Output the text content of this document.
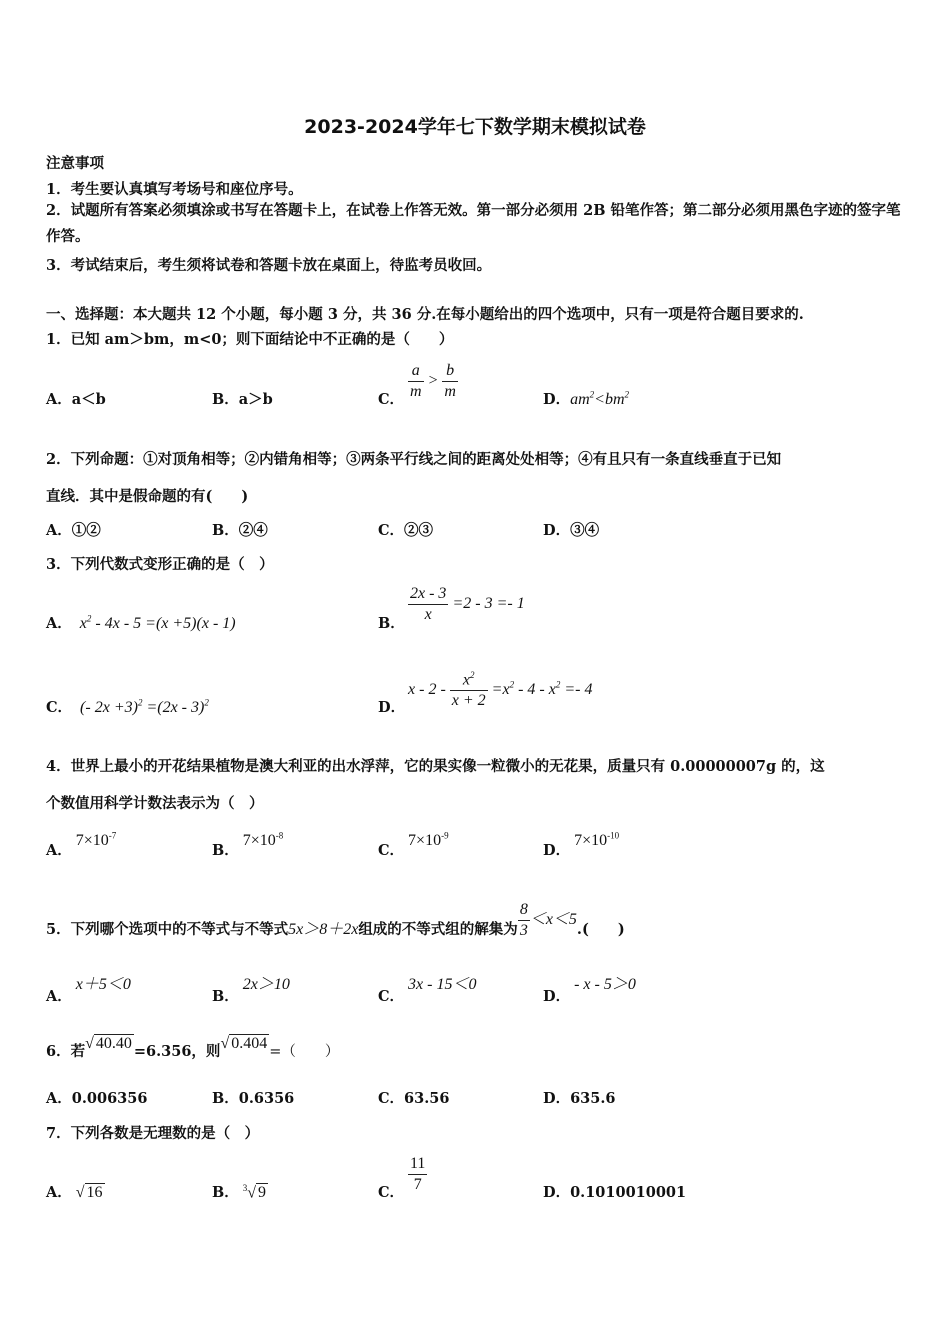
2023-2024学年七下数学期末模拟试卷
注意事项
1．考生要认真填写考场号和座位序号。
2．试题所有答案必须填涂或书写在答题卡上，在试卷上作答无效。第一部分必须用 2B 铅笔作答；第二部分必须用黑色字迹的签字笔作答。
3．考试结束后，考生须将试卷和答题卡放在桌面上，待监考员收回。
一、选择题：本大题共 12 个小题，每小题 3 分，共 36 分.在每小题给出的四个选项中，只有一项是符合题目要求的.
1．已知 am＞bm，m<0；则下面结论中不正确的是（　　）
A．a＜b	B．a＞b	C． $\frac{a}{m} > \frac{b}{m}$	D．$am^2<bm^2$
2．下列命题：①对顶角相等；②内错角相等；③两条平行线之间的距离处处相等；④有且只有一条直线垂直于已知
直线．其中是假命题的有(　　)
A．①②	B．②④	C．②③	D．③④
3．下列代数式变形正确的是（　）
A． $x^2 - 4x - 5 =(x +5)(x - 1)$	B． $\frac{2x - 3}{x} =2 - 3 =- 1$
C． (- 2x +3)$^2$ =(2x - 3)$^2$	D．
$x - 2 - \frac{x^2}{x + 2} =x^2 - 4 - x^2 =- 4$
4．世界上最小的开花结果植物是澳大利亚的出水浮萍，它的果实像一粒微小的无花果，质量只有 0.00000007g 的，这
个数值用科学计数法表示为（　）
A．$7\times 10^{-7}$
B．$7\times 10^{-8}$
C．$7\times 10^{-9}$
D．$7\times 10^{-10}$
5．下列哪个选项中的不等式与不等式5x＞8＋2x组成的不等式组的解集为 $\frac{8}{3} <x<5$.(　　)
A．x＋5＜0
B．2x＞10
C．3x - 15＜0
D．- x - 5＞0
6．若√ 40.40 =6.356，则√ 0.404 =（　　）
A．0.006356	B．0.6356	C．63.56	D．635.6
7．下列各数是无理数的是（　）
A． √ 16	B． $^3$√ 9	C． $\frac{11}{7}$	D．0.1010010001
